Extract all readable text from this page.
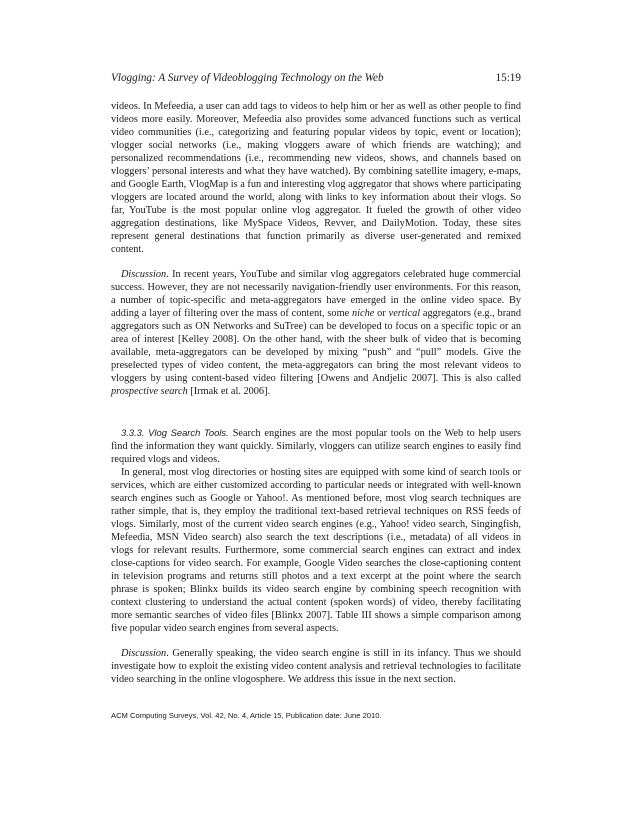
Vlogging: A Survey of Videoblogging Technology on the Web	15:19

videos. In Mefeedia, a user can add tags to videos to help him or her as well as other people to find videos more easily. Moreover, Mefeedia also provides some advanced functions such as vertical video communities (i.e., categorizing and featuring popular videos by topic, event or location); vlogger social networks (i.e., making vloggers aware of which friends are watching); and personalized recommendations (i.e., recommending new videos, shows, and channels based on vloggers’ personal interests and what they have watched). By combining satellite imagery, e-maps, and Google Earth, VlogMap is a fun and interesting vlog aggregator that shows where participating vloggers are located around the world, along with links to key information about their vlogs. So far, YouTube is the most popular online vlog aggregator. It fueled the growth of other video aggregation destinations, like MySpace Videos, Revver, and DailyMotion. Today, these sites represent general destinations that function primarily as diverse user-generated and remixed content.

Discussion. In recent years, YouTube and similar vlog aggregators celebrated huge commercial success. However, they are not necessarily navigation-friendly user environments. For this reason, a number of topic-specific and meta-aggregators have emerged in the online video space. By adding a layer of filtering over the mass of content, some niche or vertical aggregators (e.g., brand aggregators such as ON Networks and SuTree) can be developed to focus on a specific topic or an area of interest [Kelley 2008]. On the other hand, with the sheer bulk of video that is becoming available, meta-aggregators can be developed by mixing “push” and “pull” models. Give the preselected types of video content, the meta-aggregators can bring the most relevant videos to vloggers by using content-based video filtering [Owens and Andjelic 2007]. This is also called prospective search [Irmak et al. 2006].

3.3.3. Vlog Search Tools. Search engines are the most popular tools on the Web to help users find the information they want quickly. Similarly, vloggers can utilize search engines to easily find required vlogs and videos.

In general, most vlog directories or hosting sites are equipped with some kind of search tools or services, which are either customized according to particular needs or integrated with well-known search engines such as Google or Yahoo!. As mentioned before, most vlog search techniques are rather simple, that is, they employ the traditional text-based retrieval techniques on RSS feeds of vlogs. Similarly, most of the current video search engines (e.g., Yahoo! video search, Singingfish, Mefeedia, MSN Video search) also search the text descriptions (i.e., metadata) of all videos in vlogs for relevant results. Furthermore, some commercial search engines can extract and index close-captions for video search. For example, Google Video searches the close-captioning content in television programs and returns still photos and a text excerpt at the point where the search phrase is spoken; Blinkx builds its video search engine by combining speech recognition with context clustering to understand the actual content (spoken words) of video, thereby facilitating more semantic searches of video files [Blinkx 2007]. Table III shows a simple comparison among five popular video search engines from several aspects.

Discussion. Generally speaking, the video search engine is still in its infancy. Thus we should investigate how to exploit the existing video content analysis and retrieval technologies to facilitate video searching in the online vlogosphere. We address this issue in the next section.

ACM Computing Surveys, Vol. 42, No. 4, Article 15, Publication date: June 2010.
